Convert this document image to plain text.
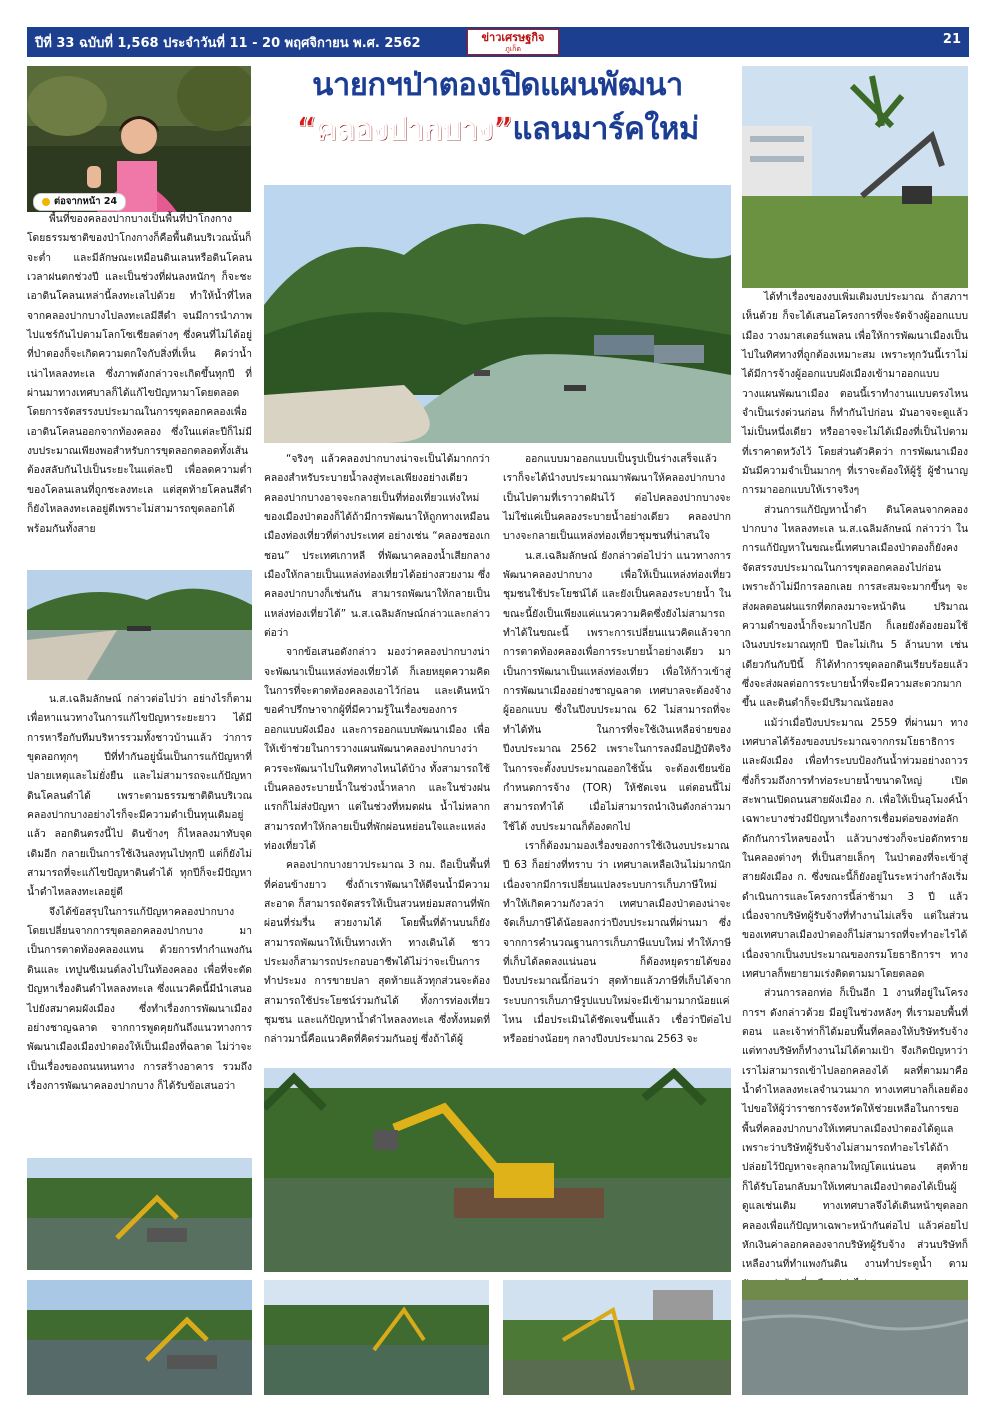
ปีที่ 33 ฉบับที่ 1,568 ประจำวันที่ 11 - 20 พฤศจิกายน พ.ศ. 2562	ข่าวเศรษฐกิจ
ภูเก็ต
21
ต่อจากหน้า 24
นายกฯป่าตองเปิดแผนพัฒนา
“คลองปากบาง”แลนมาร์คใหม่

พื้นที่ของคลองปากบางเป็นพื้นที่ป่าโกงกาง โดยธรรมชาติของป่าโกงกางก็คือพื้นดินบริเวณนั้นก็จะต่ำ และมีลักษณะเหมือนดินเลนหรือดินโคลน เวลาฝนตกช่วงปี และเป็นช่วงที่ฝนลงหนักๆ ก็จะชะเอาดินโคลนเหล่านี้ลงทะเลไปด้วย ทำให้น้ำที่ไหลจากคลองปากบางไปลงทะเลมีสีดำ จนมีการนำภาพไปแชร์กันไปตามโลกโซเชียลต่างๆ ซึ่งคนที่ไม่ได้อยู่ที่ป่าตองก็จะเกิดความตกใจกับสิ่งที่เห็น คิดว่าน้ำเน่าไหลลงทะเล ซึ่งภาพดังกล่าวจะเกิดขึ้นทุกปี ที่ผ่านมาทางเทศบาลก็ได้แก้ไขปัญหามาโดยตลอด โดยการจัดสรรงบประมาณในการขุดลอกคลองเพื่อเอาดินโคลนออกจากท้องคลอง ซึ่งในแต่ละปีก็ไม่มีงบประมาณเพียงพอสำหรับการขุดลอกตลอดทั้งเส้น ต้องสลับกันไปเป็นระยะในแต่ละปี เพื่อลดความต่ำของโคลนเลนที่ถูกชะลงทะเล แต่สุดท้ายโคลนสีดำก็ยังไหลลงทะเลอยู่ดีเพราะไม่สามารถขุดลอกได้พร้อมกันทั้งสาย

น.ส.เฉลิมลักษณ์ กล่าวต่อไปว่า อย่างไรก็ตาม เพื่อหาแนวทางในการแก้ไขปัญหาระยะยาว ได้มีการหารือกับทีมบริหารรวมทั้งชาวบ้านแล้ว ว่าการขุดลอกทุกๆ ปีที่ทำกันอยู่นั้นเป็นการแก้ปัญหาที่ปลายเหตุและไม่ยั่งยืน และไม่สามารถจะแก้ปัญหาดินโคลนดำได้ เพราะตามธรรมชาติดินบริเวณคลองปากบางอย่างไรก็จะมีความดำเป็นทุนเดิมอยู่แล้ว ลอกดินตรงนี้ไป ดินข้างๆ ก็ไหลลงมาทับจุดเดิมอีก กลายเป็นการใช้เงินลงทุนไปทุกปี แต่ก็ยังไม่สามารถที่จะแก้ไขปัญหาดินดำได้ ทุกปีก็จะมีปัญหาน้ำดำไหลลงทะเลอยู่ดี

จึงได้ข้อสรุปในการแก้ปัญหาคลองปากบาง โดยเปลี่ยนจากการขุดลอกคลองปากบาง มาเป็นการตาดท้องคลองแทน ด้วยการทำกำแพงกันดินและ เทปูนซีเมนต์ลงไปในท้องคลอง เพื่อที่จะตัดปัญหาเรื่องดินดำไหลลงทะเล ซึ่งแนวคิดนี้มีนำเสนอไปยังสมาคมผังเมือง ซึ่งทำเรื่องการพัฒนาเมืองอย่างชาญฉลาด จากการพูดคุยกันถึงแนวทางการพัฒนาเมืองเมืองป่าตองให้เป็นเมืองที่ฉลาด ไม่ว่าจะเป็นเรื่องของถนนหนทาง การสร้างอาคาร รวมถึงเรื่องการพัฒนาคลองปากบาง ก็ได้รับข้อเสนอว่า

“จริงๆ แล้วคลองปากบางน่าจะเป็นได้มากกว่าคลองสำหรับระบายน้ำลงสู่ทะเลเพียงอย่างเดียว คลองปากบางอาจจะกลายเป็นที่ท่องเที่ยวแห่งใหม่ของเมืองป่าตองก็ได้ถ้ามีการพัฒนาให้ถูกทางเหมือนเมืองท่องเที่ยวที่ต่างประเทศ อย่างเช่น “คลองชองเกชอน” ประเทศเกาหลี ที่พัฒนาคลองน้ำเสียกลางเมืองให้กลายเป็นแหล่งท่องเที่ยวได้อย่างสวยงาม ซึ่งคลองปากบางก็เช่นกัน สามารถพัฒนาให้กลายเป็นแหล่งท่องเที่ยวได้” น.ส.เฉลิมลักษณ์กล่าวและกล่าวต่อว่า

จากข้อเสนอดังกล่าว มองว่าคลองปากบางน่าจะพัฒนาเป็นแหล่งท่องเที่ยวได้ ก็เลยหยุดความคิดในการที่จะตาดท้องคลองเอาไว้ก่อน และเดินหน้าขอคำปรึกษาจากผู้ที่มีความรู้ในเรื่องของการออกแบบผังเมือง และการออกแบบพัฒนาเมือง เพื่อให้เข้าช่วยในการวางแผนพัฒนาคลองปากบางว่าควรจะพัฒนาไปในทิศทางไหนได้บ้าง ทั้งสามารถใช้เป็นคลองระบายน้ำในช่วงน้ำหลาก และในช่วงฝนแรกก็ไม่ส่งปัญหา แต่ในช่วงที่หมดฝน น้ำไม่หลากสามารถทำให้กลายเป็นที่พักผ่อนหย่อนใจและแหล่งท่องเที่ยวได้

คลองปากบางยาวประมาณ 3 กม. ถือเป็นพื้นที่ที่ค่อนข้างยาว ซึ่งถ้าเราพัฒนาให้ดีจนน้ำมีความสะอาด ก็สามารถจัดสรรให้เป็นสวนหย่อมสถานที่พักผ่อนที่ร่มรื่น สวยงามได้ โดยพื้นที่ด้านบนก็ยังสามารถพัฒนาให้เป็นทางเท้า ทางเดินได้ ชาวประมงก็สามารถประกอบอาชีพได้ไม่ว่าจะเป็นการทำประมง การขายปลา สุดท้ายแล้วทุกส่วนจะต้องสามารถใช้ประโยชน์ร่วมกันได้ ทั้งการท่องเที่ยว ชุมชน และแก้ปัญหาน้ำดำไหลลงทะเล ซึ่งทั้งหมดที่กล่าวมานี้คือแนวคิดที่คิดร่วมกันอยู่ ซึ่งถ้าได้ผู้

ออกแบบมาออกแบบเป็นรูปเป็นร่างเสร็จแล้ว เราก็จะได้นำงบประมาณมาพัฒนาให้คลองปากบางเป็นไปตามที่เราวาดฝันไว้ ต่อไปคลองปากบางจะไม่ใช่แค่เป็นคลองระบายน้ำอย่างเดียว คลองปากบางจะกลายเป็นแหล่งท่องเที่ยวชุมชนที่น่าสนใจ

น.ส.เฉลิมลักษณ์ ยังกล่าวต่อไปว่า แนวทางการพัฒนาคลองปากบาง เพื่อให้เป็นแหล่งท่องเที่ยว ชุมชนใช้ประโยชน์ได้ และยังเป็นคลองระบายน้ำ ในขณะนี้ยังเป็นเพียงแค่แนวความคิดซึ่งยังไม่สามารถทำได้ในขณะนี้ เพราะการเปลี่ยนแนวคิดแล้วจากการตาดท้องคลองเพื่อการระบายน้ำอย่างเดียว มาเป็นการพัฒนาเป็นแหล่งท่องเที่ยว เพื่อให้ก้าวเข้าสู่การพัฒนาเมืองอย่างชาญฉลาด เทศบาลจะต้องจ้างผู้ออกแบบ ซึ่งในปีงบประมาณ 62 ไม่สามารถที่จะทำได้ทัน ในการที่จะใช้เงินเหลือจ่ายของปีงบประมาณ 2562 เพราะในการลงมือปฏิบัติจริง ในการจะตั้งงบประมาณออกใช้นั้น จะต้องเขียนข้อกำหนดการจ้าง (TOR) ให้ชัดเจน แต่ตอนนี้ไม่สามารถทำได้ เมื่อไม่สามารถนำเงินดังกล่าวมาใช้ได้ งบประมาณก็ต้องตกไป

เราก็ต้องมามองเรื่องของการใช้เงินงบประมาณปี 63 ก็อย่างที่ทราบ ว่า เทศบาลเหลือเงินไม่มากนัก เนื่องจากมีการเปลี่ยนแปลงระบบการเก็บภาษีใหม่ ทำให้เกิดความกังวลว่า เทศบาลเมืองป่าตองน่าจะจัดเก็บภาษีได้น้อยลงกว่าปีงบประมาณที่ผ่านมา ซึ่งจากการคำนวณฐานการเก็บภาษีแบบใหม่ ทำให้ภาษีที่เก็บได้ลดลงแน่นอน ก็ต้องหยุดรายได้ของปีงบประมาณนี้ก่อนว่า สุดท้ายแล้วภาษีที่เก็บได้จากระบบการเก็บภาษีรูปแบบใหม่จะมีเข้ามามากน้อยแค่ไหน เมื่อประเมินได้ชัดเจนขึ้นแล้ว เชื่อว่าปีต่อไปหรืออย่างน้อยๆ กลางปีงบประมาณ 2563 จะ

ได้ทำเรื่องของงบเพิ่มเติมงบประมาณ ถ้าสภาฯ เห็นด้วย ก็จะได้เสนอโครงการที่จะจัดจ้างผู้ออกแบบเมือง วางมาสเตอร์แพลน เพื่อให้การพัฒนาเมืองเป็นไปในทิศทางที่ถูกต้องเหมาะสม เพราะทุกวันนี้เราไม่ได้มีการจ้างผู้ออกแบบผังเมืองเข้ามาออกแบบวางแผนพัฒนาเมือง ตอนนี้เราทำงานแบบตรงไหนจำเป็นเร่งด่วนก่อน ก็ทำกันไปก่อน มันอาจจะดูแล้วไม่เป็นหนึ่งเดียว หรืออาจจะไม่ได้เมืองที่เป็นไปตามที่เราคาดหวังไว้ โดยส่วนตัวคิดว่า การพัฒนาเมืองมันมีความจำเป็นมากๆ ที่เราจะต้องให้ผู้รู้ ผู้ชำนาญการมาออกแบบให้เราจริงๆ

ส่วนการแก้ปัญหาน้ำดำ ดินโคลนจากคลองปากบาง ไหลลงทะเล น.ส.เฉลิมลักษณ์ กล่าวว่า ในการแก้ปัญหาในขณะนี้เทศบาลเมืองป่าตองก็ยังคงจัดสรรงบประมาณในการขุดลอกคลองไปก่อน เพราะถ้าไม่มีการลอกเลย การสะสมจะมากขึ้นๆ จะส่งผลตอนฝนแรกที่ตกลงมาจะหน้าดิน ปริมาณความดำของน้ำก็จะมากไปอีก ก็เลยยังต้องยอมใช้เงินงบประมาณทุกปี ปีละไม่เกิน 5 ล้านบาท เช่นเดียวกันกับปีนี้ ก็ได้ทำการขุดลอกดินเรียบร้อยแล้ว ซึ่งจะส่งผลต่อการระบายน้ำที่จะมีความสะดวกมากขึ้น และดินดำก็จะมีปริมาณน้อยลง

แม้ว่าเมื่อปีงบประมาณ 2559 ที่ผ่านมา ทางเทศบาลได้ร้องของบประมาณจากกรมโยธาธิการและผังเมือง เพื่อทำระบบป้องกันน้ำท่วมอย่างถาวร ซึ่งก็รวมถึงการทำท่อระบายน้ำขนาดใหญ่ เปิดสะพานเปิดถนนสายผังเมือง ก. เพื่อให้เป็นอุโมงค์น้ำเฉพาะบางช่วงมีปัญหาเรื่องการเชื่อมต่อของท่อลักดักกันการไหลของน้ำ แล้วบางช่วงก็จะบ่อดักทรายในคลองต่างๆ ที่เป็นสายเล็กๆ ในป่าตองที่จะเข้าสู่สายผังเมือง ก. ซึ่งขณะนี้ก็ยังอยู่ในระหว่างกำลังเริ่มดำเนินการและโครงการนี้ล่าช้ามา 3 ปี แล้ว เนื่องจากบริษัทผู้รับจ้างที่ทำงานไม่เสร็จ แต่ในส่วนของเทศบาลเมืองป่าตองก็ไม่สามารถที่จะทำอะไรได้ เนื่องจากเป็นงบประมาณของกรมโยธาธิการฯ ทางเทศบาลก็พยายามเร่งติดตามมาโดยตลอด

ส่วนการลอกท่อ ก็เป็นอีก 1 งานที่อยู่ในโครงการฯ ดังกล่าวด้วย มีอยู่ในช่วงหลังๆ ที่เรามอบพื้นที่ตอน และเจ้าท่าก็ได้มอบพื้นที่คลองให้บริษัทรับจ้างแต่ทางบริษัทก็ทำงานไม่ได้ตามเป้า จึงเกิดปัญหาว่าเราไม่สามารถเข้าไปลอกคลองได้ ผลที่ตามมาคือ น้ำดำไหลลงทะเลจำนวนมาก ทางเทศบาลก็เลยต้องไปขอให้ผู้ว่าราชการจังหวัดให้ช่วยเหลือในการขอพื้นที่คลองปากบางให้เทศบาลเมืองป่าตองได้ดูแล เพราะว่าบริษัทผู้รับจ้างไม่สามารถทำอะไรได้ถ้าปล่อยไว้ปัญหาจะลุกลามใหญ่โตแน่นอน สุดท้ายก็ได้รับโอนกลับมาให้เทศบาลเมืองป่าตองได้เป็นผู้ดูแลเช่นเดิม ทางเทศบาลจึงได้เดินหน้าขุดลอกคลองเพื่อแก้ปัญหาเฉพาะหน้ากันต่อไป แล้วค่อยไปหักเงินค่าลอกคลองจากบริษัทผู้รับจ้าง ส่วนบริษัทก็เหลืองานที่ทำแพงกันดิน งานทำประตูน้ำ ตาม
